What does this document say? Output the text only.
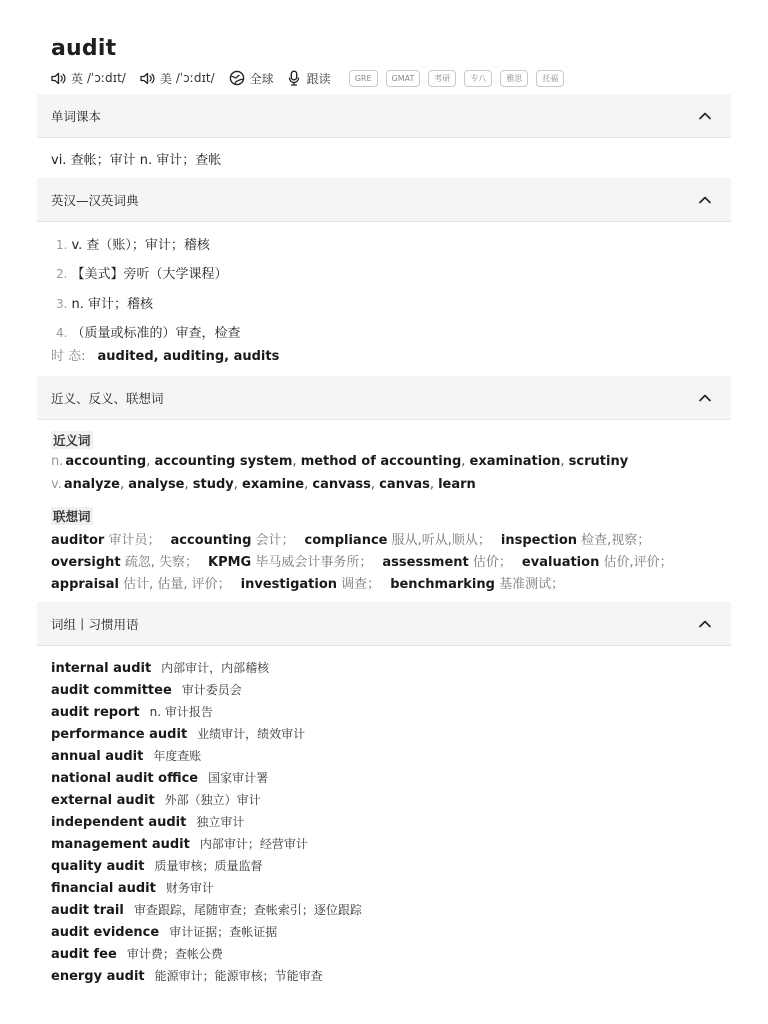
audit
英 /ˈɔːdɪt/	美 /ˈɔːdɪt/	全球	跟读	GRE	GMAT	考研	专八	雅思	托福
单词课本
vi. 查帐；审计 n. 审计；查帐
英汉—汉英词典
1. v. 查（账）；审计；稽核
2. 【美式】旁听（大学课程）
3. n. 审计；稽核
4. （质量或标准的）审查，检查
时 态: audited, auditing, audits
近义、反义、联想词
近义词
n. accounting, accounting system, method of accounting, examination, scrutiny
v. analyze, analyse, study, examine, canvass, canvas, learn
联想词
auditor 审计员； accounting 会计； compliance 服从,听从,顺从； inspection 检查,视察；
oversight 疏忽, 失察； KPMG 毕马威会计事务所； assessment 估价； evaluation 估价,评价；
appraisal 估计, 估量, 评价； investigation 调查； benchmarking 基准测试；
词组丨习惯用语
internal audit 内部审计，内部稽核
audit committee 审计委员会
audit report n. 审计报告
performance audit 业绩审计，绩效审计
annual audit 年度查账
national audit office 国家审计署
external audit 外部（独立）审计
independent audit 独立审计
management audit 内部审计；经营审计
quality audit 质量审核；质量监督
financial audit 财务审计
audit trail 审查跟踪，尾随审查；查帐索引；逐位跟踪
audit evidence 审计证据；查帐证据
audit fee 审计费；查帐公费
energy audit 能源审计；能源审核；节能审查
